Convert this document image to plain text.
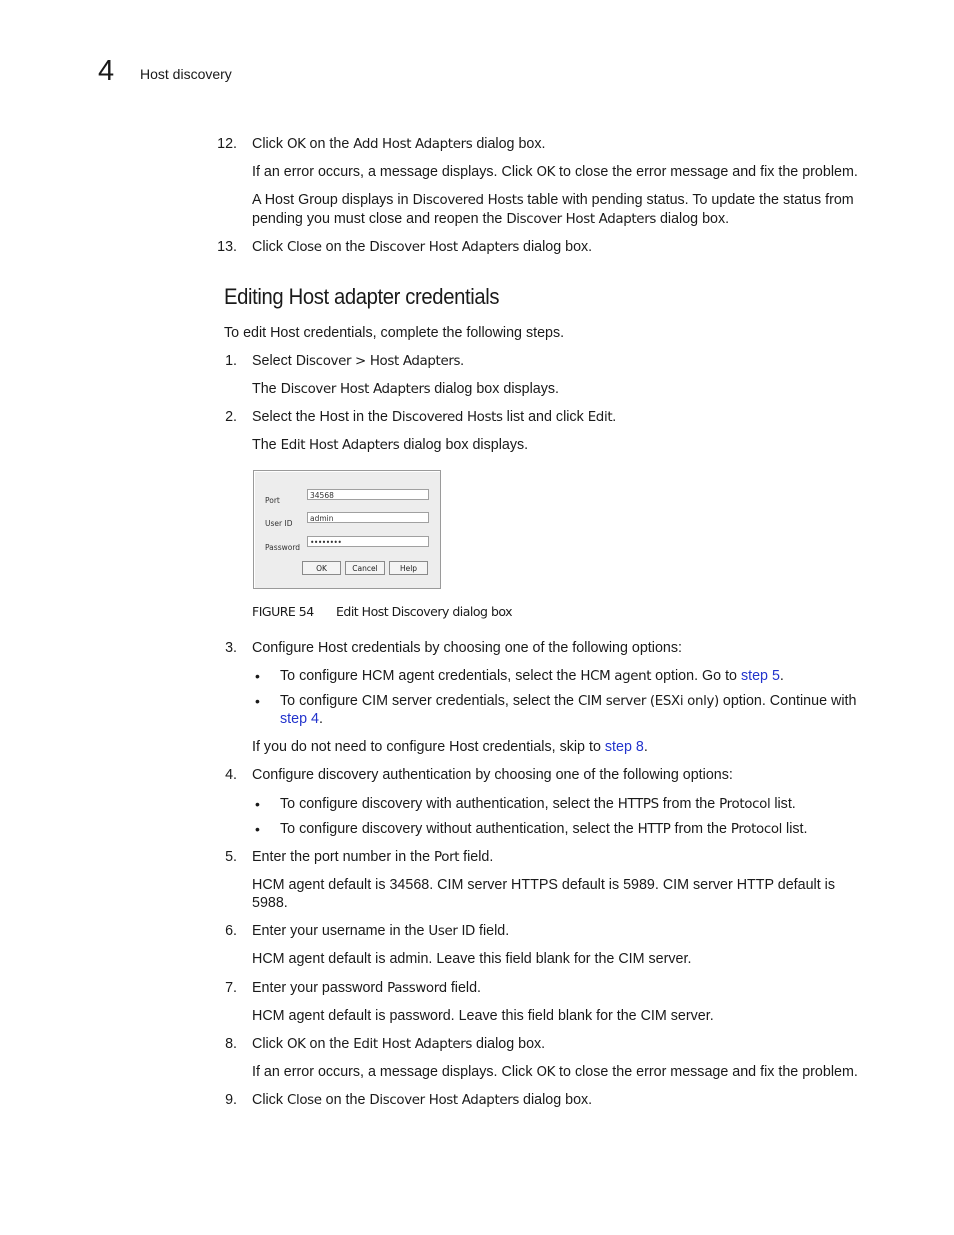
4 Host discovery
Editing Host adapter credentials
12. Click OK on the Add Host Adapters dialog box.
If an error occurs, a message displays. Click OK to close the error message and fix the problem.
A Host Group displays in Discovered Hosts table with pending status. To update the status from
pending you must close and reopen the Discover Host Adapters dialog box.
13. Click Close on the Discover Host Adapters dialog box.
To edit Host credentials, complete the following steps.
1. Select Discover > Host Adapters.
The Discover Host Adapters dialog box displays.
2. Select the Host in the Discovered Hosts list and click Edit.
The Edit Host Adapters dialog box displays.
3. Configure Host credentials by choosing one of the following options:
• To configure HCM agent credentials, select the HCM agent option. Go to step 5.
• To configure CIM server credentials, select the CIM server (ESXi only) option. Continue with
step 4.
If you do not need to configure Host credentials, skip to step 8.
4. Configure discovery authentication by choosing one of the following options:
• To configure discovery with authentication, select the HTTPS from the Protocol list.
• To configure discovery without authentication, select the HTTP from the Protocol list.
5. Enter the port number in the Port field.
HCM agent default is 34568. CIM server HTTPS default is 5989. CIM server HTTP default is
5988.
6. Enter your username in the User ID field.
HCM agent default is admin. Leave this field blank for the CIM server.
7. Enter your password Password field.
HCM agent default is password. Leave this field blank for the CIM server.
8. Click OK on the Edit Host Adapters dialog box.
If an error occurs, a message displays. Click OK to close the error message and fix the problem.
9. Click Close on the Discover Host Adapters dialog box.
Port
34568
User ID
admin
Password
••••••••
OK	Cancel	Help
FIGURE 54 Edit Host Discovery dialog box
